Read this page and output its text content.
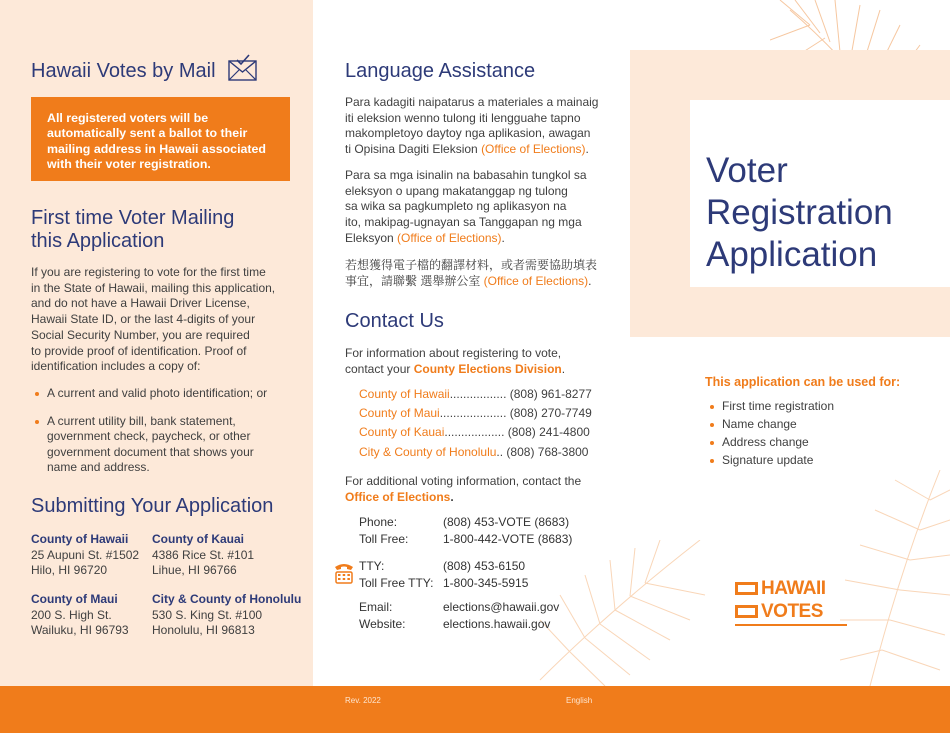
Hawaii Votes by Mail
All registered voters will be automatically sent a ballot to their mailing address in Hawaii associated with their voter registration.
First time Voter Mailing
this Application
If you are registering to vote for the first time
in the State of Hawaii, mailing this application,
and do not have a Hawaii Driver License,
Hawaii State ID, or the last 4-digits of your
Social Security Number, you are required
to provide proof of identification. Proof of
identification includes a copy of:
A current and valid photo identification; or
A current utility bill, bank statement,
government check, paycheck, or other
government document that shows your
name and address.
Submitting Your Application
County of Hawaii
25 Aupuni St. #1502
Hilo, HI 96720
County of Kauai
4386 Rice St. #101
Lihue, HI 96766
County of Maui
200 S. High St.
Wailuku, HI 96793
City & County of Honolulu
530 S. King St. #100
Honolulu, HI 96813
Language Assistance
Para kadagiti naipatarus a materiales a mainaig
iti eleksion wenno tulong iti lengguahe tapno
makompletoyo daytoy nga aplikasion, awagan
ti Opisina Dagiti Eleksion (Office of Elections).
Para sa mga isinalin na babasahin tungkol sa
eleksyon o upang makatanggap ng tulong
sa wika sa pagkumpleto ng aplikasyon na
ito, makipag-ugnayan sa Tanggapan ng mga
Eleksyon (Office of Elections).
若想獲得電子檔的翻譯材料，或者需要協助填表
事宜，請聯繫 選舉辦公室 (Office of Elections).
Contact Us
For information about registering to vote,
contact your County Elections Division.
County of Hawaii................. (808) 961-8277
County of Maui.................... (808) 270-7749
County of Kauai.................. (808) 241-4800
City & County of Honolulu.. (808) 768-3800
For additional voting information, contact the
Office of Elections.
Phone:	(808) 453-VOTE (8683)
Toll Free:	1-800-442-VOTE (8683)
TTY:	(808) 453-6150
Toll Free TTY: 1-800-345-5915
Email:	elections@hawaii.gov
Website:	elections.hawaii.gov
Voter
Registration
Application
This application can be used for:
First time registration
Name change
Address change
Signature update
HAWAII
VOTES
Rev. 2022	English
